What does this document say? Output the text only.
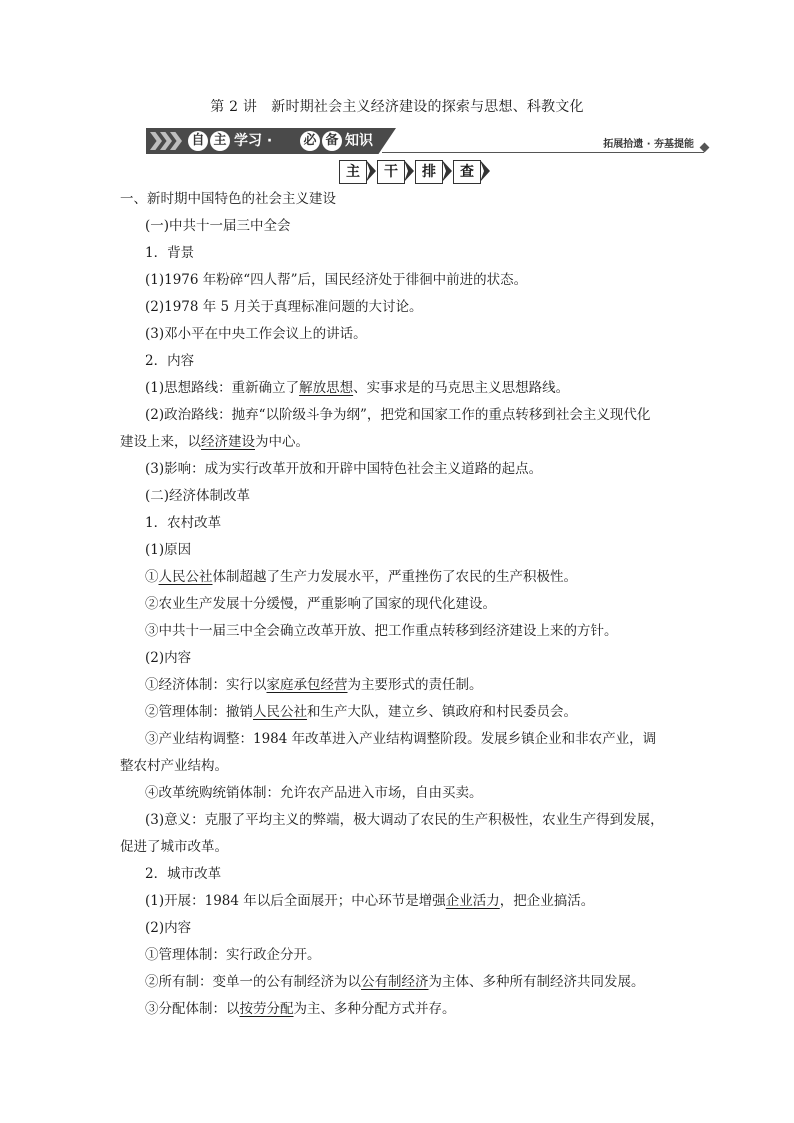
第 2 讲　新时期社会主义经济建设的探索与思想、科教文化
自 主 学习 · 必 备 知识	拓展拾遗 · 夯基提能
主	干	排	查
一、新时期中国特色的社会主义建设
(一)中共十一届三中全会
1．背景
(1)1976 年粉碎“四人帮”后，国民经济处于徘徊中前进的状态。
(2)1978 年 5 月关于真理标准问题的大讨论。
(3)邓小平在中央工作会议上的讲话。
2．内容
(1)思想路线：重新确立了解放思想、实事求是的马克思主义思想路线。
(2)政治路线：抛弃“以阶级斗争为纲”，把党和国家工作的重点转移到社会主义现代化
建设上来，以经济建设为中心。
(3)影响：成为实行改革开放和开辟中国特色社会主义道路的起点。
(二)经济体制改革
1．农村改革
(1)原因
①人民公社体制超越了生产力发展水平，严重挫伤了农民的生产积极性。
②农业生产发展十分缓慢，严重影响了国家的现代化建设。
③中共十一届三中全会确立改革开放、把工作重点转移到经济建设上来的方针。
(2)内容
①经济体制：实行以家庭承包经营为主要形式的责任制。
②管理体制：撤销人民公社和生产大队，建立乡、镇政府和村民委员会。
③产业结构调整：1984 年改革进入产业结构调整阶段。发展乡镇企业和非农产业，调
整农村产业结构。
④改革统购统销体制：允许农产品进入市场，自由买卖。
(3)意义：克服了平均主义的弊端，极大调动了农民的生产积极性，农业生产得到发展，
促进了城市改革。
2．城市改革
(1)开展：1984 年以后全面展开；中心环节是增强企业活力，把企业搞活。
(2)内容
①管理体制：实行政企分开。
②所有制：变单一的公有制经济为以公有制经济为主体、多种所有制经济共同发展。
③分配体制：以按劳分配为主、多种分配方式并存。
